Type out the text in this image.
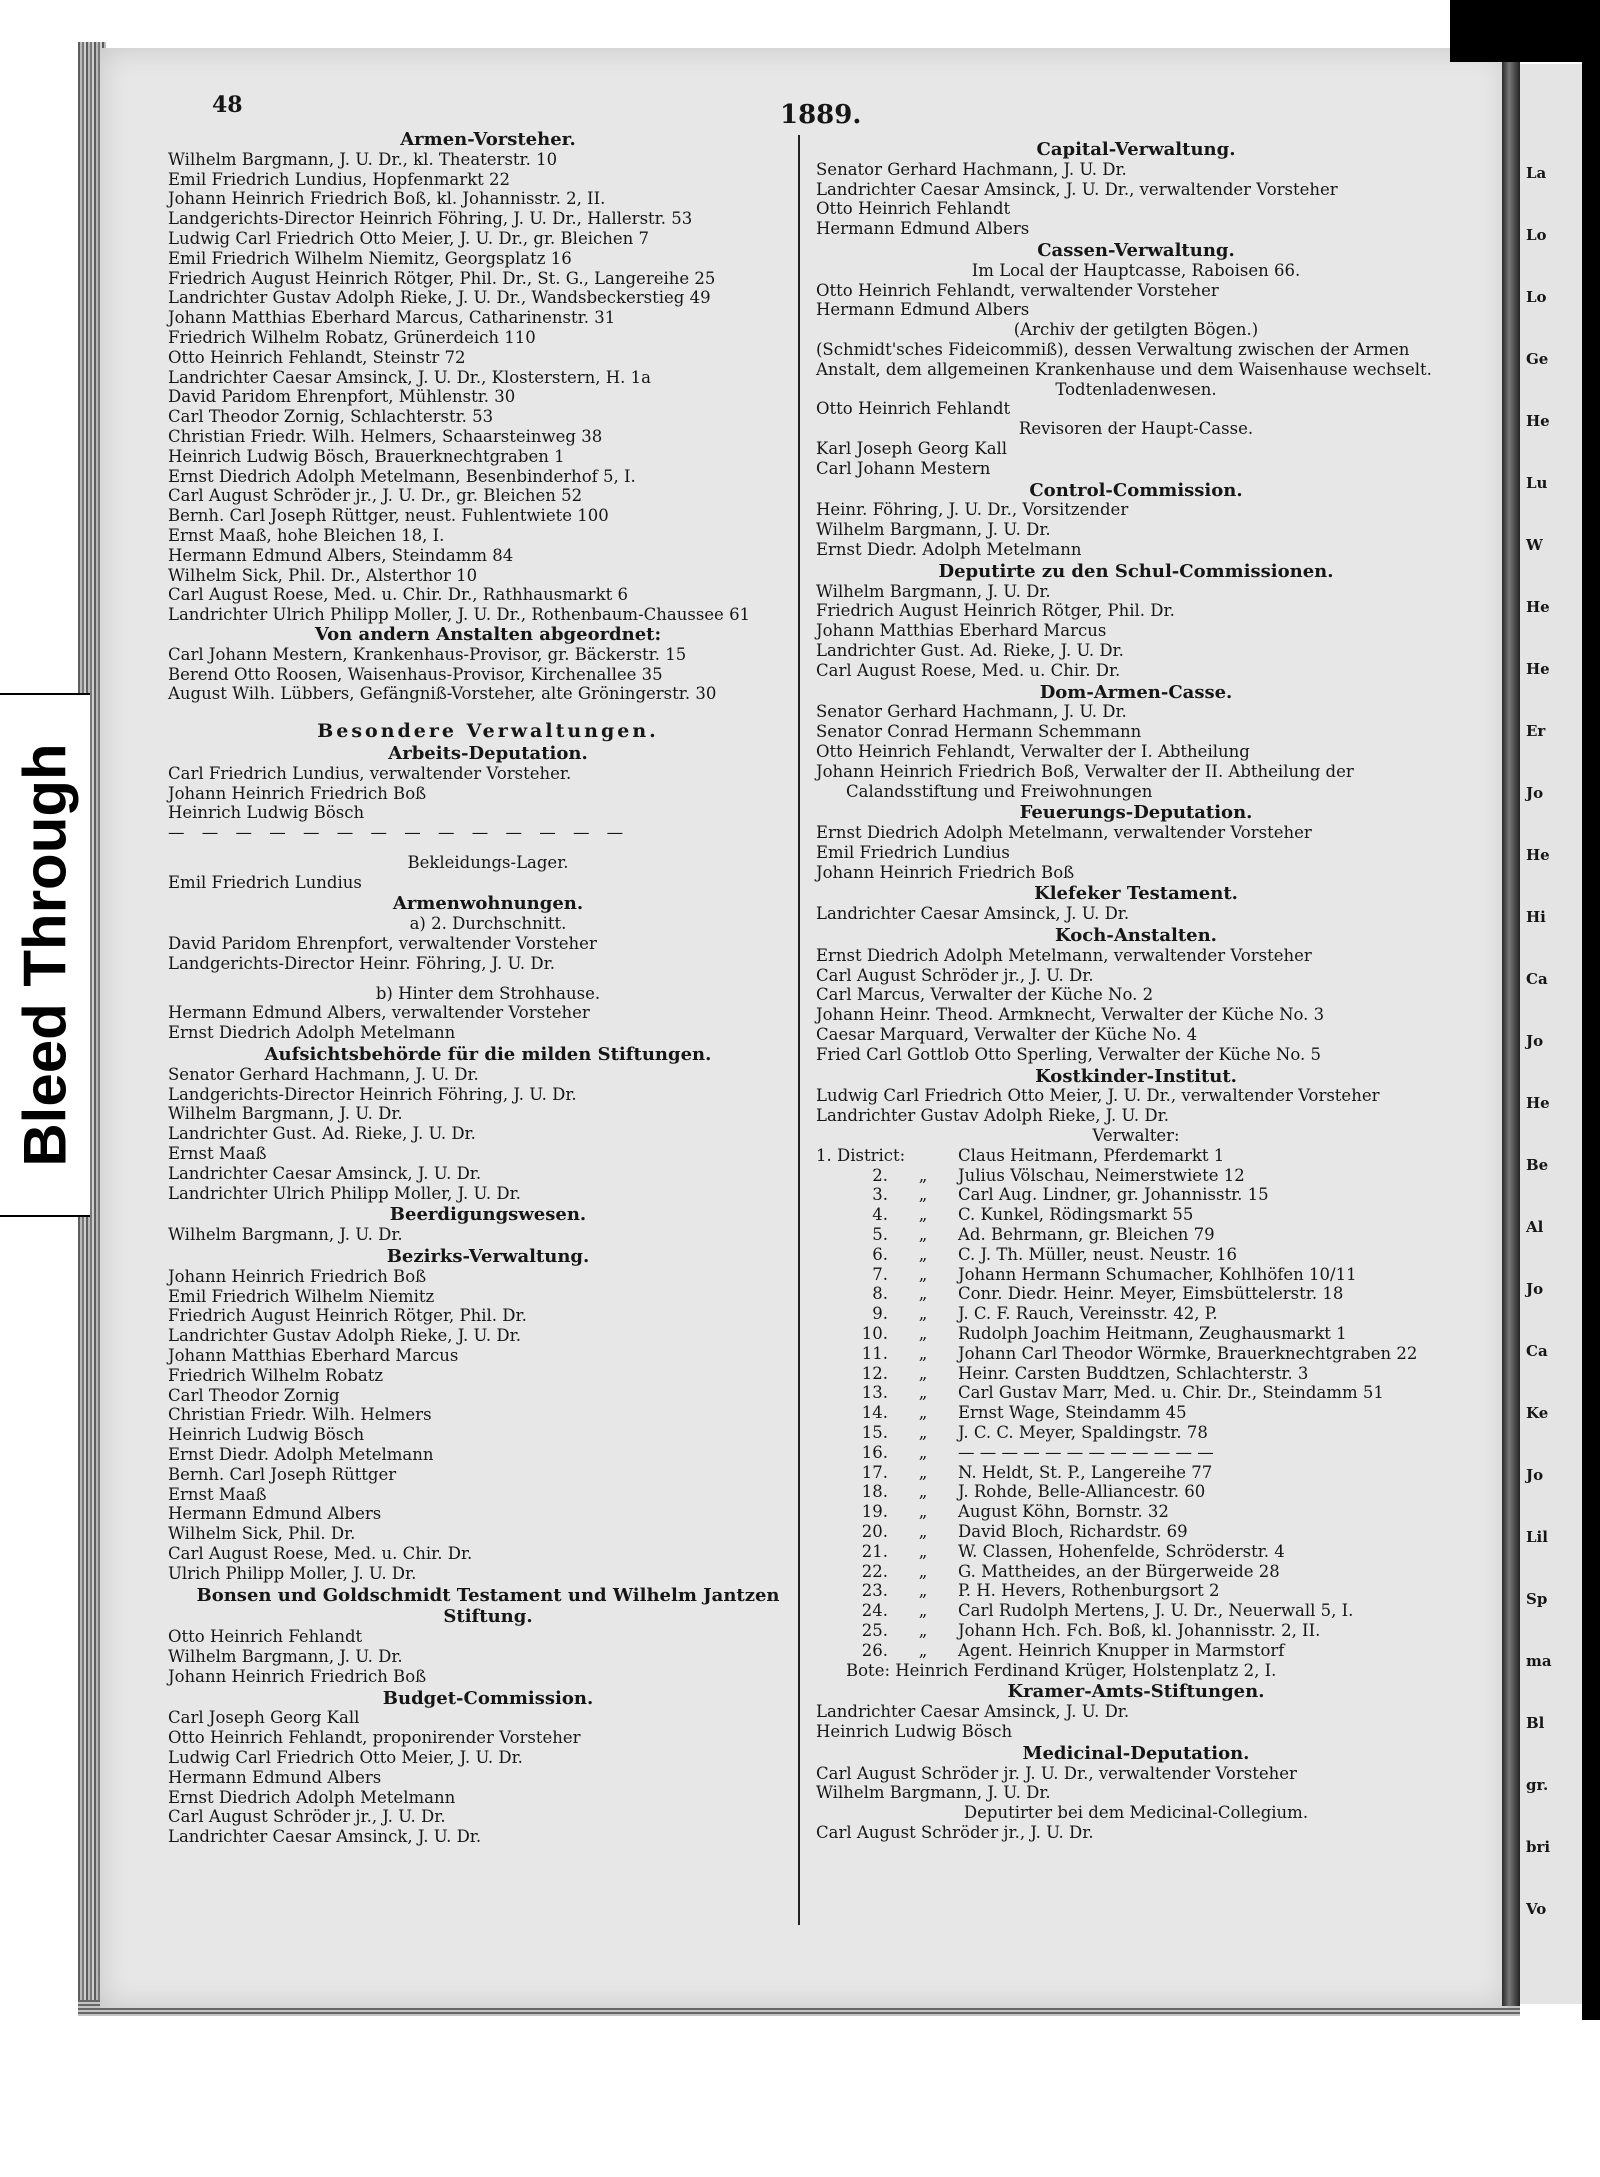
La
Lo
Lo
Ge
He
Lu
W
He
He
Er
Jo
He
Hi
Ca
Jo
He
Be
Al
Jo
Ca
Ke
Jo
Lil
Sp
ma
Bl
gr.
bri
Vo
Bleed Through
48	1889.

Armen-Vorsteher.

Wilhelm Bargmann, J. U. Dr., kl. Theaterstr. 10

Emil Friedrich Lundius, Hopfenmarkt 22

Johann Heinrich Friedrich Boß, kl. Johannisstr. 2, II.

Landgerichts-Director Heinrich Föhring, J. U. Dr., Hallerstr. 53

Ludwig Carl Friedrich Otto Meier, J. U. Dr., gr. Bleichen 7

Emil Friedrich Wilhelm Niemitz, Georgsplatz 16

Friedrich August Heinrich Rötger, Phil. Dr., St. G., Langereihe 25

Landrichter Gustav Adolph Rieke, J. U. Dr., Wandsbeckerstieg 49

Johann Matthias Eberhard Marcus, Catharinenstr. 31

Friedrich Wilhelm Robatz, Grünerdeich 110

Otto Heinrich Fehlandt, Steinstr 72

Landrichter Caesar Amsinck, J. U. Dr., Klosterstern, H. 1a

David Paridom Ehrenpfort, Mühlenstr. 30

Carl Theodor Zornig, Schlachterstr. 53

Christian Friedr. Wilh. Helmers, Schaarsteinweg 38

Heinrich Ludwig Bösch, Brauerknechtgraben 1

Ernst Diedrich Adolph Metelmann, Besenbinderhof 5, I.

Carl August Schröder jr., J. U. Dr., gr. Bleichen 52

Bernh. Carl Joseph Rüttger, neust. Fuhlentwiete 100

Ernst Maaß, hohe Bleichen 18, I.

Hermann Edmund Albers, Steindamm 84

Wilhelm Sick, Phil. Dr., Alsterthor 10

Carl August Roese, Med. u. Chir. Dr., Rathhausmarkt 6

Landrichter Ulrich Philipp Moller, J. U. Dr., Rothenbaum-Chaussee 61

Von andern Anstalten abgeordnet:

Carl Johann Mestern, Krankenhaus-Provisor, gr. Bäckerstr. 15

Berend Otto Roosen, Waisenhaus-Provisor, Kirchenallee 35

August Wilh. Lübbers, Gefängniß-Vorsteher, alte Gröningerstr. 30

Besondere Verwaltungen.

Arbeits-Deputation.

Carl Friedrich Lundius, verwaltender Vorsteher.

Johann Heinrich Friedrich Boß

Heinrich Ludwig Bösch

— — — — — — — — — — — — — —

Bekleidungs-Lager.

Emil Friedrich Lundius

Armenwohnungen.

a) 2. Durchschnitt.

David Paridom Ehrenpfort, verwaltender Vorsteher

Landgerichts-Director Heinr. Föhring, J. U. Dr.

b) Hinter dem Strohhause.

Hermann Edmund Albers, verwaltender Vorsteher

Ernst Diedrich Adolph Metelmann

Aufsichtsbehörde für die milden Stiftungen.

Senator Gerhard Hachmann, J. U. Dr.

Landgerichts-Director Heinrich Föhring, J. U. Dr.

Wilhelm Bargmann, J. U. Dr.

Landrichter Gust. Ad. Rieke, J. U. Dr.

Ernst Maaß

Landrichter Caesar Amsinck, J. U. Dr.

Landrichter Ulrich Philipp Moller, J. U. Dr.

Beerdigungswesen.

Wilhelm Bargmann, J. U. Dr.

Bezirks-Verwaltung.

Johann Heinrich Friedrich Boß

Emil Friedrich Wilhelm Niemitz

Friedrich August Heinrich Rötger, Phil. Dr.

Landrichter Gustav Adolph Rieke, J. U. Dr.

Johann Matthias Eberhard Marcus

Friedrich Wilhelm Robatz

Carl Theodor Zornig

Christian Friedr. Wilh. Helmers

Heinrich Ludwig Bösch

Ernst Diedr. Adolph Metelmann

Bernh. Carl Joseph Rüttger

Ernst Maaß

Hermann Edmund Albers

Wilhelm Sick, Phil. Dr.

Carl August Roese, Med. u. Chir. Dr.

Ulrich Philipp Moller, J. U. Dr.

Bonsen und Goldschmidt Testament und Wilhelm Jantzen

Stiftung.

Otto Heinrich Fehlandt

Wilhelm Bargmann, J. U. Dr.

Johann Heinrich Friedrich Boß

Budget-Commission.

Carl Joseph Georg Kall

Otto Heinrich Fehlandt, proponirender Vorsteher

Ludwig Carl Friedrich Otto Meier, J. U. Dr.

Hermann Edmund Albers

Ernst Diedrich Adolph Metelmann

Carl August Schröder jr., J. U. Dr.

Landrichter Caesar Amsinck, J. U. Dr.

Capital-Verwaltung.

Senator Gerhard Hachmann, J. U. Dr.

Landrichter Caesar Amsinck, J. U. Dr., verwaltender Vorsteher

Otto Heinrich Fehlandt

Hermann Edmund Albers

Cassen-Verwaltung.

Im Local der Hauptcasse, Raboisen 66.

Otto Heinrich Fehlandt, verwaltender Vorsteher

Hermann Edmund Albers

(Archiv der getilgten Bögen.)

(Schmidt'sches Fideicommiß), dessen Verwaltung zwischen der Armen

Anstalt, dem allgemeinen Krankenhause und dem Waisenhause wechselt.

Todtenladenwesen.

Otto Heinrich Fehlandt

Revisoren der Haupt-Casse.

Karl Joseph Georg Kall

Carl Johann Mestern

Control-Commission.

Heinr. Föhring, J. U. Dr., Vorsitzender

Wilhelm Bargmann, J. U. Dr.

Ernst Diedr. Adolph Metelmann

Deputirte zu den Schul-Commissionen.

Wilhelm Bargmann, J. U. Dr.

Friedrich August Heinrich Rötger, Phil. Dr.

Johann Matthias Eberhard Marcus

Landrichter Gust. Ad. Rieke, J. U. Dr.

Carl August Roese, Med. u. Chir. Dr.

Dom-Armen-Casse.

Senator Gerhard Hachmann, J. U. Dr.

Senator Conrad Hermann Schemmann

Otto Heinrich Fehlandt, Verwalter der I. Abtheilung

Johann Heinrich Friedrich Boß, Verwalter der II. Abtheilung der

Calandsstiftung und Freiwohnungen

Feuerungs-Deputation.

Ernst Diedrich Adolph Metelmann, verwaltender Vorsteher

Emil Friedrich Lundius

Johann Heinrich Friedrich Boß

Klefeker Testament.

Landrichter Caesar Amsinck, J. U. Dr.

Koch-Anstalten.

Ernst Diedrich Adolph Metelmann, verwaltender Vorsteher

Carl August Schröder jr., J. U. Dr.

Carl Marcus, Verwalter der Küche No. 2

Johann Heinr. Theod. Armknecht, Verwalter der Küche No. 3

Caesar Marquard, Verwalter der Küche No. 4

Fried Carl Gottlob Otto Sperling, Verwalter der Küche No. 5

Kostkinder-Institut.

Ludwig Carl Friedrich Otto Meier, J. U. Dr., verwaltender Vorsteher

Landrichter Gustav Adolph Rieke, J. U. Dr.

Verwalter:

1. District:	Claus Heitmann, Pferdemarkt 1

2. „ Julius Völschau, Neimerstwiete 12

3. „ Carl Aug. Lindner, gr. Johannisstr. 15

4. „ C. Kunkel, Rödingsmarkt 55

5. „ Ad. Behrmann, gr. Bleichen 79

6. „ C. J. Th. Müller, neust. Neustr. 16

7. „ Johann Hermann Schumacher, Kohlhöfen 10/11

8. „ Conr. Diedr. Heinr. Meyer, Eimsbüttelerstr. 18

9. „ J. C. F. Rauch, Vereinsstr. 42, P.

10. „ Rudolph Joachim Heitmann, Zeughausmarkt 1

11. „ Johann Carl Theodor Wörmke, Brauerknechtgraben 22

12. „ Heinr. Carsten Buddtzen, Schlachterstr. 3

13. „ Carl Gustav Marr, Med. u. Chir. Dr., Steindamm 51

14. „ Ernst Wage, Steindamm 45

15. „ J. C. C. Meyer, Spaldingstr. 78

16. „ — — — — — — — — — — — —

17. „ N. Heldt, St. P., Langereihe 77

18. „ J. Rohde, Belle-Alliancestr. 60

19. „ August Köhn, Bornstr. 32

20. „ David Bloch, Richardstr. 69

21. „ W. Classen, Hohenfelde, Schröderstr. 4

22. „ G. Mattheides, an der Bürgerweide 28

23. „ P. H. Hevers, Rothenburgsort 2

24. „ Carl Rudolph Mertens, J. U. Dr., Neuerwall 5, I.

25. „ Johann Hch. Fch. Boß, kl. Johannisstr. 2, II.

26. „ Agent. Heinrich Knupper in Marmstorf

Bote: Heinrich Ferdinand Krüger, Holstenplatz 2, I.

Kramer-Amts-Stiftungen.

Landrichter Caesar Amsinck, J. U. Dr.

Heinrich Ludwig Bösch

Medicinal-Deputation.

Carl August Schröder jr. J. U. Dr., verwaltender Vorsteher

Wilhelm Bargmann, J. U. Dr.

Deputirter bei dem Medicinal-Collegium.

Carl August Schröder jr., J. U. Dr.
